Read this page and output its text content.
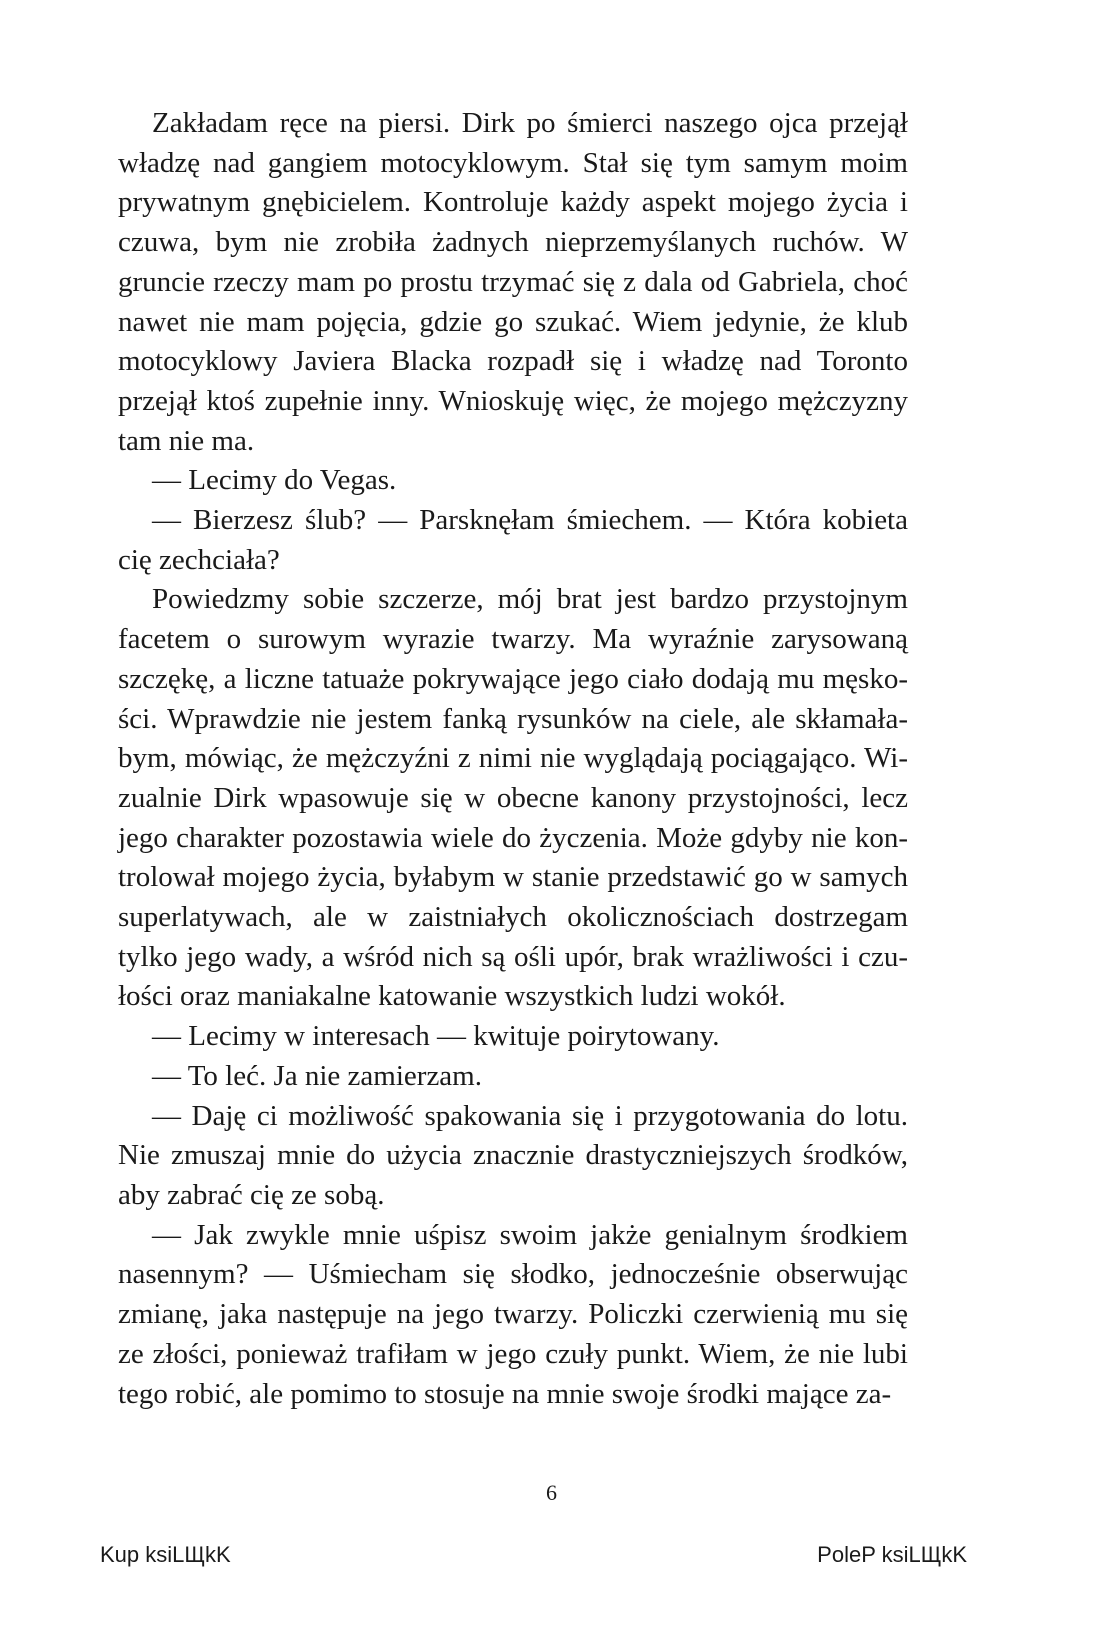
Zakładam ręce na piersi. Dirk po śmierci naszego ojca przejął władzę nad gangiem motocyklowym. Stał się tym samym moim prywatnym gnębicielem. Kontroluje każdy aspekt mojego życia i czuwa, bym nie zrobiła żadnych nieprzemyślanych ruchów. W gruncie rzeczy mam po prostu trzymać się z dala od Gabriela, choć nawet nie mam pojęcia, gdzie go szukać. Wiem jedynie, że klub motocyklowy Javiera Blacka rozpadł się i władzę nad Toronto przejął ktoś zupełnie inny. Wnioskuję więc, że mojego mężczyzny tam nie ma.

— Lecimy do Vegas.

— Bierzesz ślub? — Parsknęłam śmiechem. — Która kobieta cię zechciała?

Powiedzmy sobie szczerze, mój brat jest bardzo przystojnym facetem o surowym wyrazie twarzy. Ma wyraźnie zarysowaną szczękę, a liczne tatuaże pokrywające jego ciało dodają mu męskości. Wprawdzie nie jestem fanką rysunków na ciele, ale skłamałabym, mówiąc, że mężczyźni z nimi nie wyglądają pociągająco. Wizualnie Dirk wpasowuje się w obecne kanony przystojności, lecz jego charakter pozostawia wiele do życzenia. Może gdyby nie kontrolował mojego życia, byłabym w stanie przedstawić go w samych superlatywach, ale w zaistniałych okolicznościach dostrzegam tylko jego wady, a wśród nich są ośli upór, brak wrażliwości i czułości oraz maniakalne katowanie wszystkich ludzi wokół.

— Lecimy w interesach — kwituje poirytowany.

— To leć. Ja nie zamierzam.

— Daję ci możliwość spakowania się i przygotowania do lotu. Nie zmuszaj mnie do użycia znacznie drastyczniejszych środków, aby zabrać cię ze sobą.

— Jak zwykle mnie uśpisz swoim jakże genialnym środkiem nasennym? — Uśmiecham się słodko, jednocześnie obserwując zmianę, jaka następuje na jego twarzy. Policzki czerwienią mu się ze złości, ponieważ trafiłam w jego czuły punkt. Wiem, że nie lubi tego robić, ale pomimo to stosuje na mnie swoje środki mające za-

6
Kup ksiLЩkK	PoleP ksiLЩkK
